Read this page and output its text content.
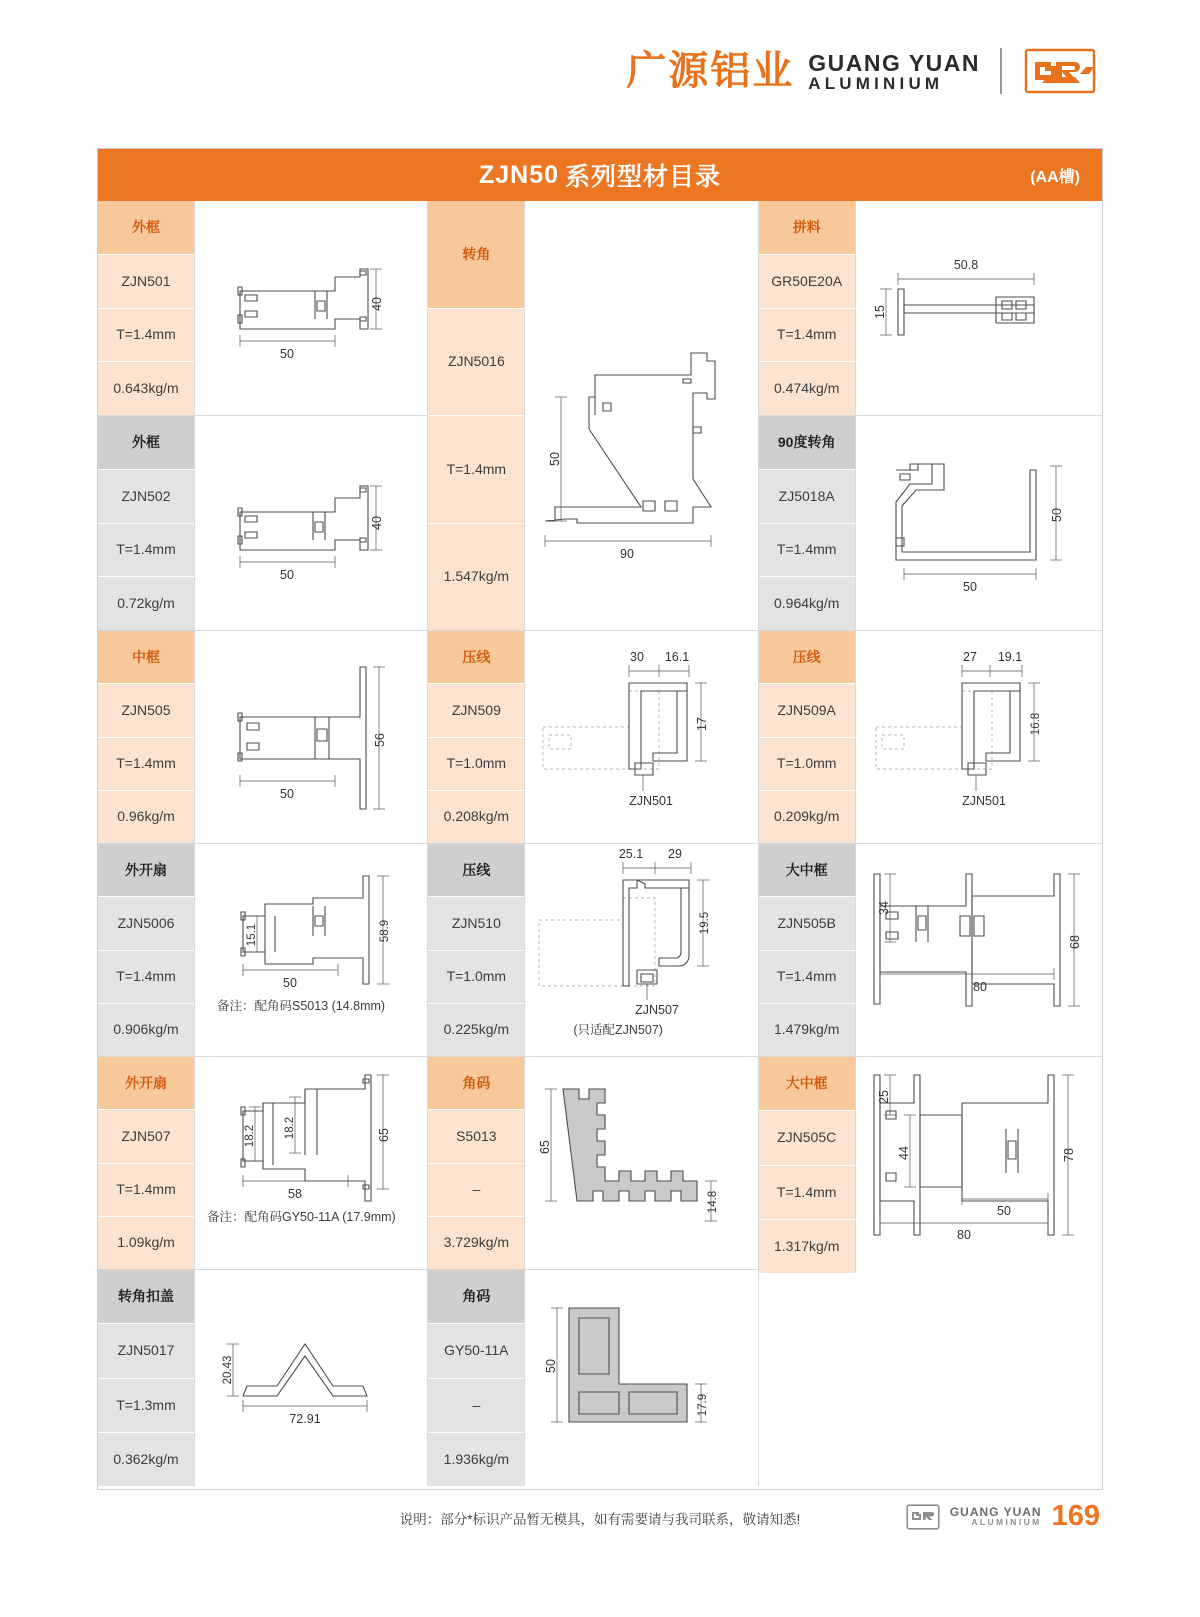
广源铝业 GUANG YUAN
ALUMINIUM
ZJN50 系列型材目录	(AA槽)
外框
ZJN501
T=1.4mm
0.643kg/m
40
50
外框
ZJN502
T=1.4mm
0.72kg/m
40
50
中框
ZJN505
T=1.4mm
0.96kg/m
56
50
外开扇
ZJN5006
T=1.4mm
0.906kg/m
15.1	58.9
50
备注：配角码S5013 (14.8mm)
外开扇
ZJN507
T=1.4mm
1.09kg/m
18.2 18.2	65
58
备注：配角码GY50-11A (17.9mm)
转角扣盖
ZJN5017
T=1.3mm
0.362kg/m
20.43
72.91
转角
ZJN5016
T=1.4mm
1.547kg/m
50
90
压线
ZJN509
T=1.0mm
0.208kg/m
30 16.1
17
ZJN501
压线
ZJN510
T=1.0mm
0.225kg/m
25.1 29
19.5
ZJN507
(只适配ZJN507)
角码
S5013
–
3.729kg/m
65
14.8
角码
GY50-11A
–
1.936kg/m
50
17.9
拼料
GR50E20A
T=1.4mm
0.474kg/m
50.8
15
90度转角
ZJ5018A
T=1.4mm
0.964kg/m
50
50
压线
ZJN509A
T=1.0mm
0.209kg/m
27 19.1
16.8
ZJN501
大中框
ZJN505B
T=1.4mm
1.479kg/m
34
68
80
大中框
ZJN505C
T=1.4mm
1.317kg/m
25
44	78
50
80
说明：部分*标识产品暂无模具，如有需要请与我司联系，敬请知悉!
GUANG YUAN
ALUMINIUM 169
